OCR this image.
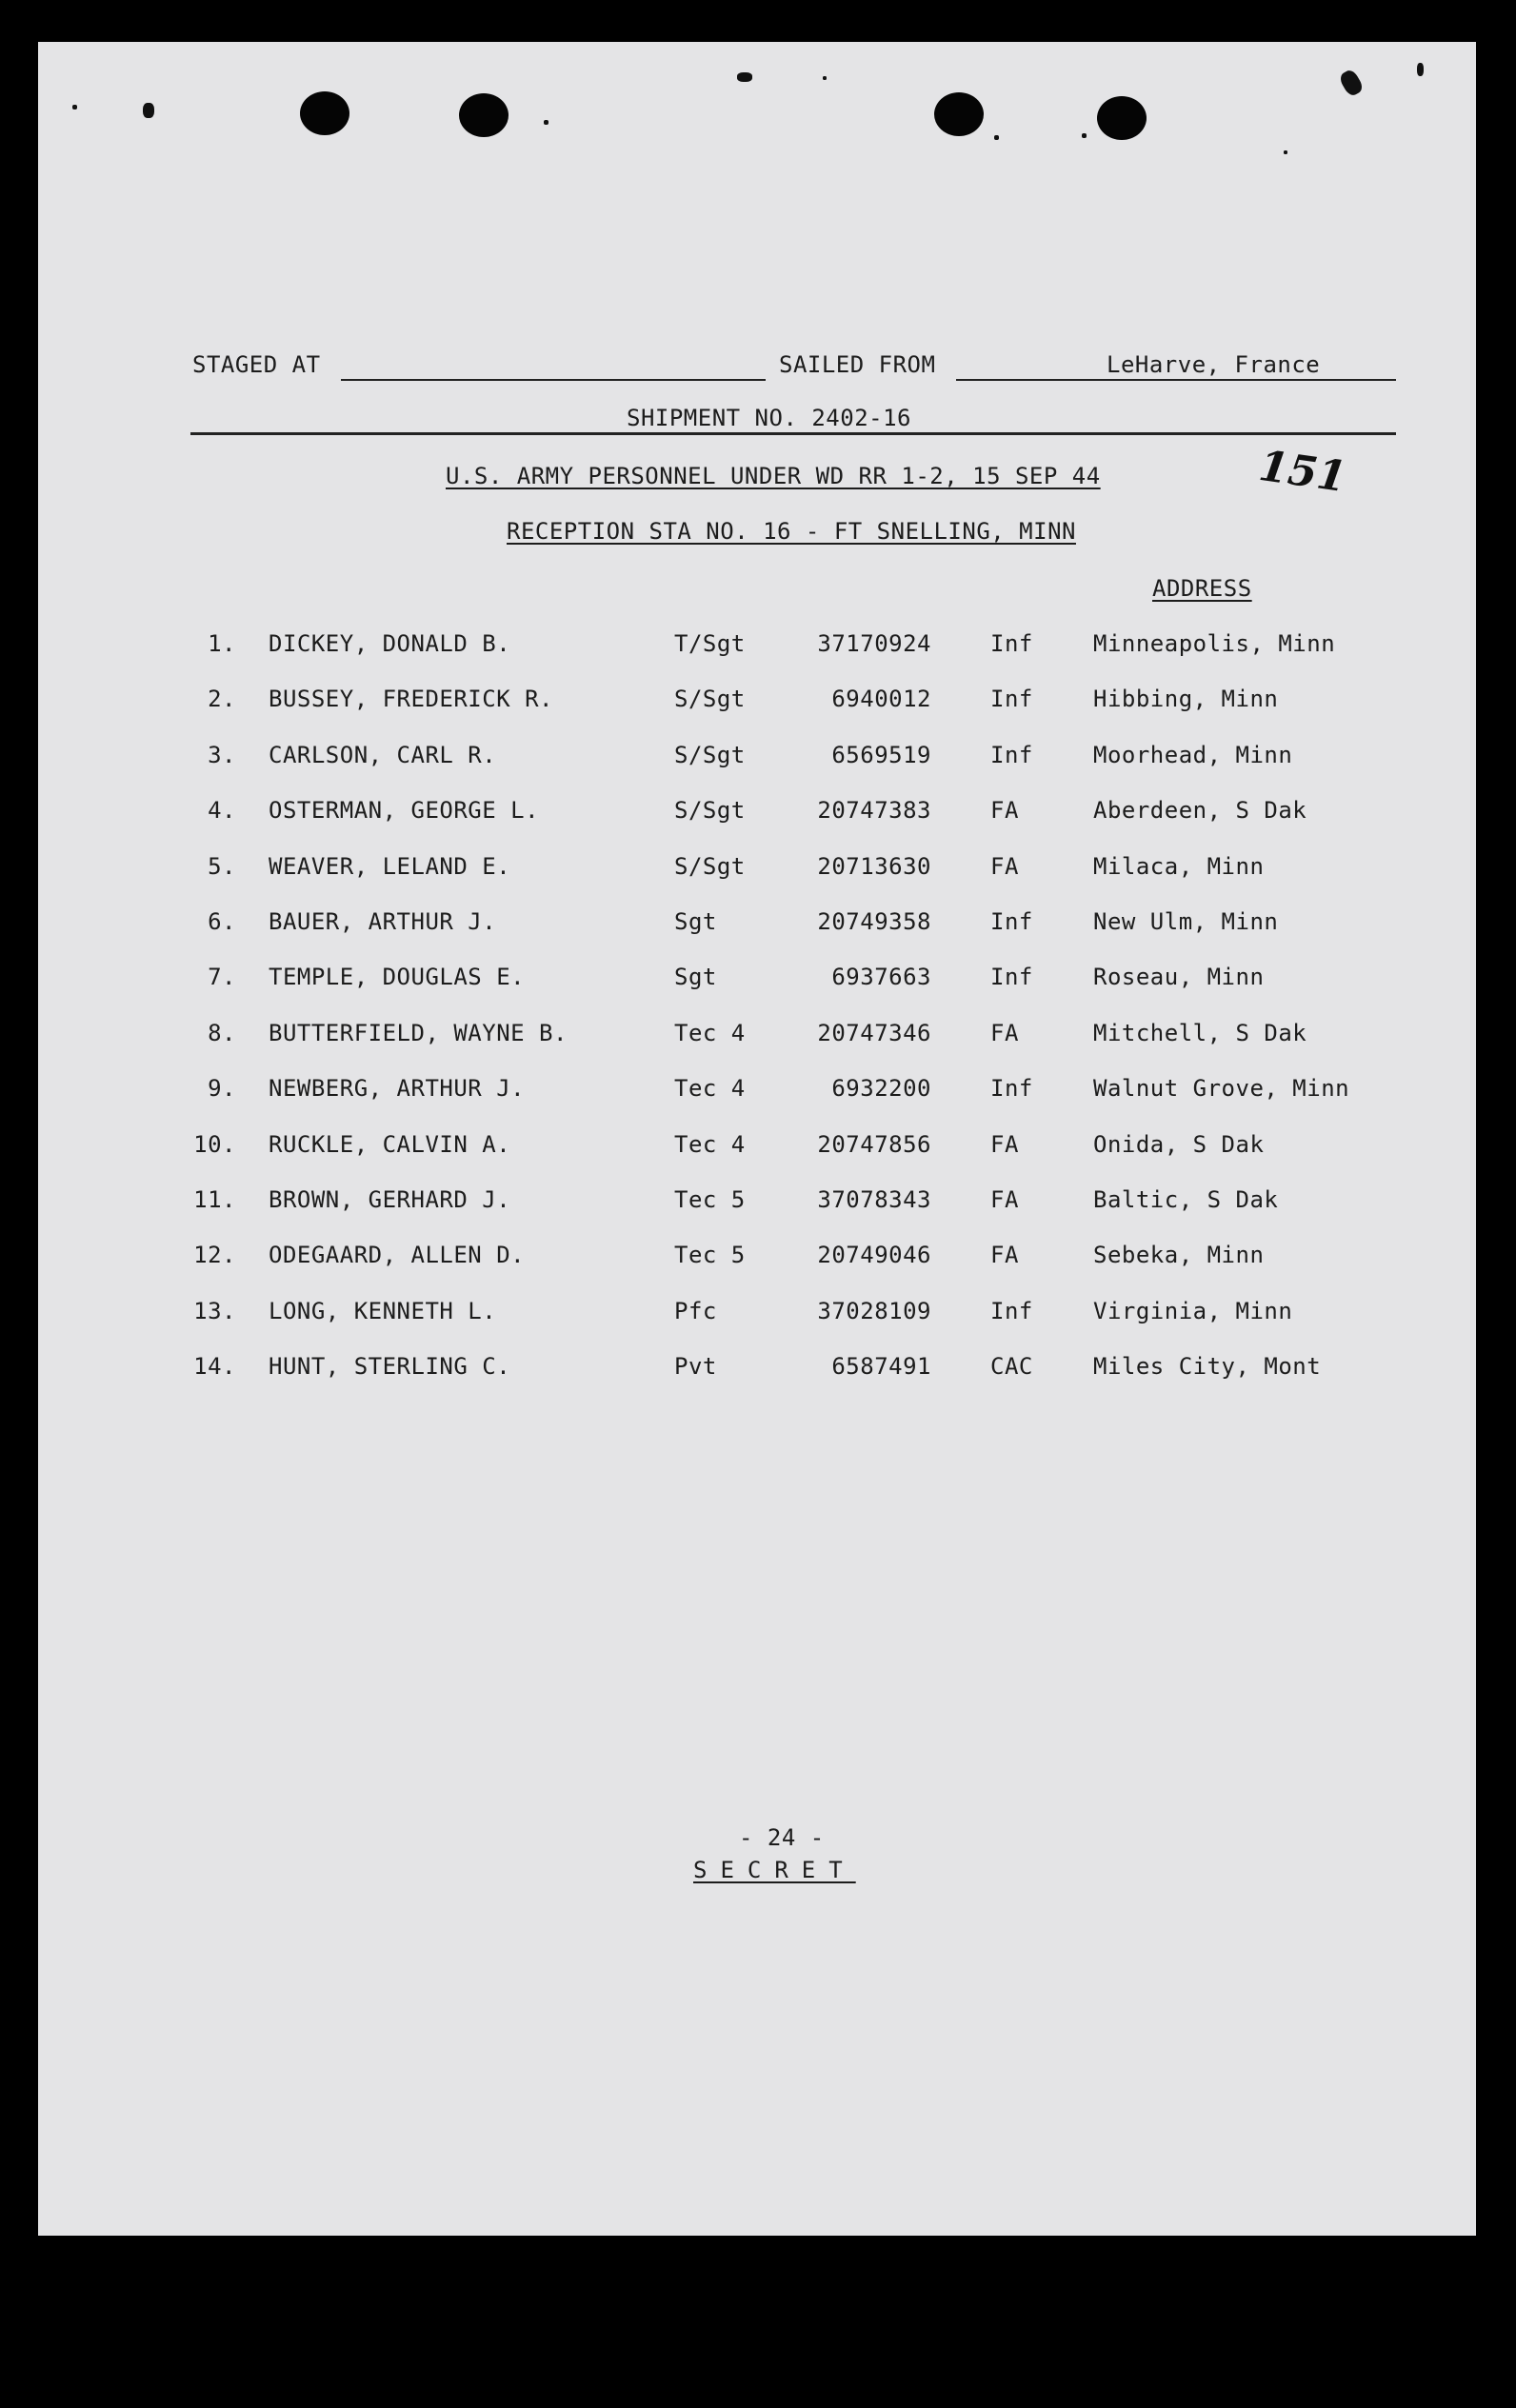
STAGED AT	SAILED FROM	LeHarve, France
SHIPMENT NO. 2402-16
U.S. ARMY PERSONNEL UNDER WD RR 1-2, 15 SEP 44	151
RECEPTION STA NO. 16 - FT SNELLING, MINN
ADDRESS
1. DICKEY, DONALD B.	T/Sgt	37170924	Inf	Minneapolis, Minn
2. BUSSEY, FREDERICK R.	S/Sgt	6940012	Inf	Hibbing, Minn
3. CARLSON, CARL R.	S/Sgt	6569519	Inf	Moorhead, Minn
4. OSTERMAN, GEORGE L.	S/Sgt	20747383	FA	Aberdeen, S Dak
5. WEAVER, LELAND E.	S/Sgt	20713630	FA	Milaca, Minn
6. BAUER, ARTHUR J.	Sgt	20749358	Inf	New Ulm, Minn
7. TEMPLE, DOUGLAS E.	Sgt	6937663	Inf	Roseau, Minn
8. BUTTERFIELD, WAYNE B.	Tec 4	20747346	FA	Mitchell, S Dak
9. NEWBERG, ARTHUR J.	Tec 4	6932200	Inf	Walnut Grove, Minn
10. RUCKLE, CALVIN A.	Tec 4	20747856	FA	Onida, S Dak
11. BROWN, GERHARD J.	Tec 5	37078343	FA	Baltic, S Dak
12. ODEGAARD, ALLEN D.	Tec 5	20749046	FA	Sebeka, Minn
13. LONG, KENNETH L.	Pfc	37028109	Inf	Virginia, Minn
14. HUNT, STERLING C.	Pvt	6587491	CAC	Miles City, Mont
- 24 -
SECRET
